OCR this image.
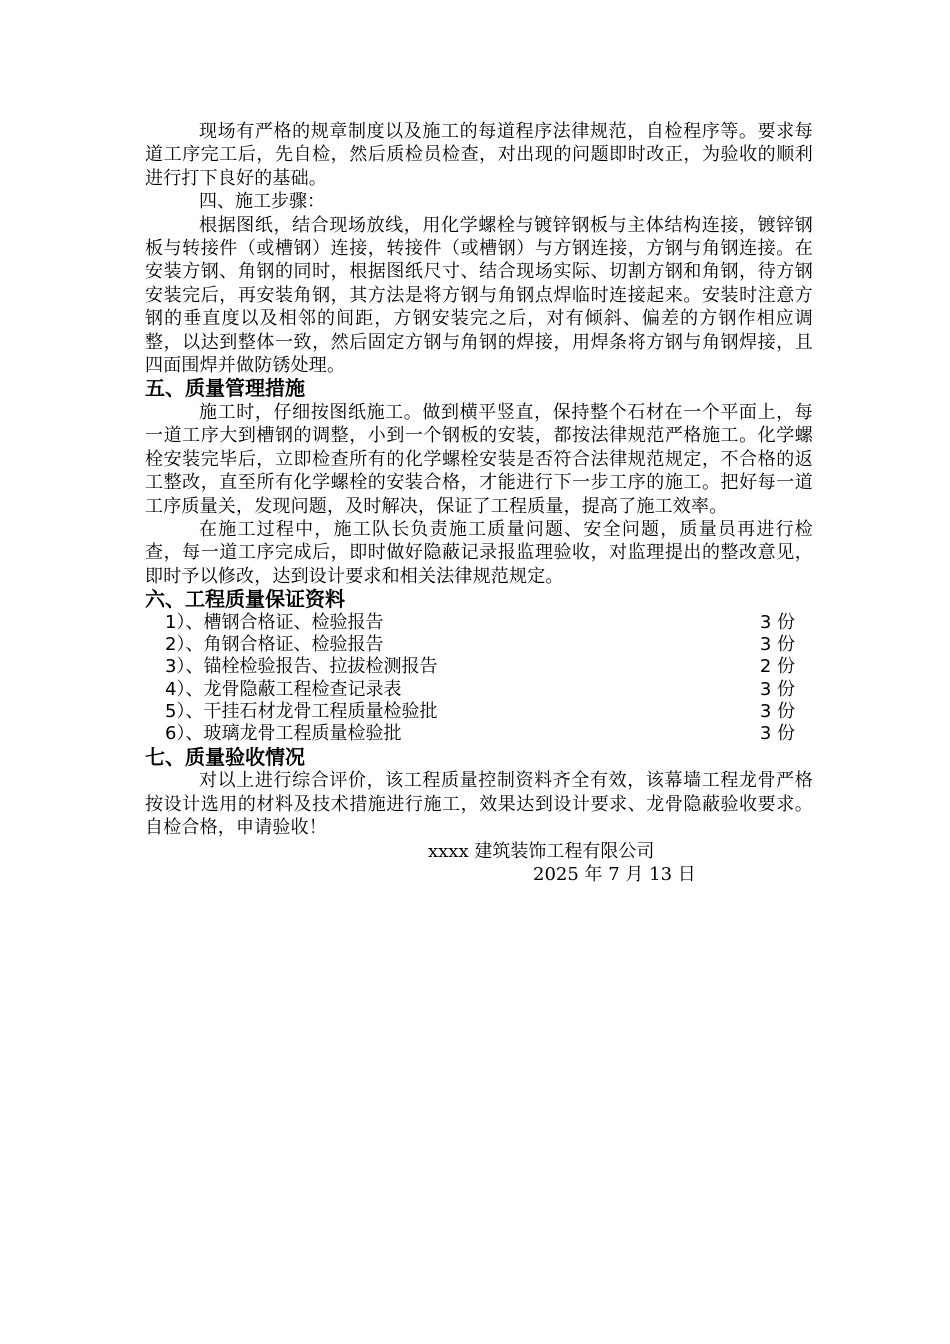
现场有严格的规章制度以及施工的每道程序法律规范，自检程序等。要求每道工序完工后，先自检，然后质检员检查，对出现的问题即时改正，为验收的顺利进行打下良好的基础。

四、施工步骤：

根据图纸，结合现场放线，用化学螺栓与镀锌钢板与主体结构连接，镀锌钢板与转接件（或槽钢）连接，转接件（或槽钢）与方钢连接，方钢与角钢连接。在安装方钢、角钢的同时，根据图纸尺寸、结合现场实际、切割方钢和角钢，待方钢安装完后，再安装角钢，其方法是将方钢与角钢点焊临时连接起来。安装时注意方钢的垂直度以及相邻的间距，方钢安装完之后，对有倾斜、偏差的方钢作相应调整，以达到整体一致，然后固定方钢与角钢的焊接，用焊条将方钢与角钢焊接，且四面围焊并做防锈处理。

五、质量管理措施

施工时，仔细按图纸施工。做到横平竖直，保持整个石材在一个平面上，每一道工序大到槽钢的调整，小到一个钢板的安装，都按法律规范严格施工。化学螺栓安装完毕后，立即检查所有的化学螺栓安装是否符合法律规范规定，不合格的返工整改，直至所有化学螺栓的安装合格，才能进行下一步工序的施工。把好每一道工序质量关，发现问题，及时解决，保证了工程质量，提高了施工效率。

在施工过程中，施工队长负责施工质量问题、安全问题，质量员再进行检查，每一道工序完成后，即时做好隐蔽记录报监理验收，对监理提出的整改意见，即时予以修改，达到设计要求和相关法律规范规定。

六、工程质量保证资料
1）、槽钢合格证、检验报告	3 份
2）、角钢合格证、检验报告	3 份
3）、锚栓检验报告、拉拔检测报告	2 份
4）、龙骨隐蔽工程检查记录表	3 份
5）、干挂石材龙骨工程质量检验批	3 份
6）、玻璃龙骨工程质量检验批	3 份
七、质量验收情况

对以上进行综合评价，该工程质量控制资料齐全有效，该幕墙工程龙骨严格按设计选用的材料及技术措施进行施工，效果达到设计要求、龙骨隐蔽验收要求。自检合格，申请验收！

xxxx 建筑装饰工程有限公司

2025 年 7 月 13 日
